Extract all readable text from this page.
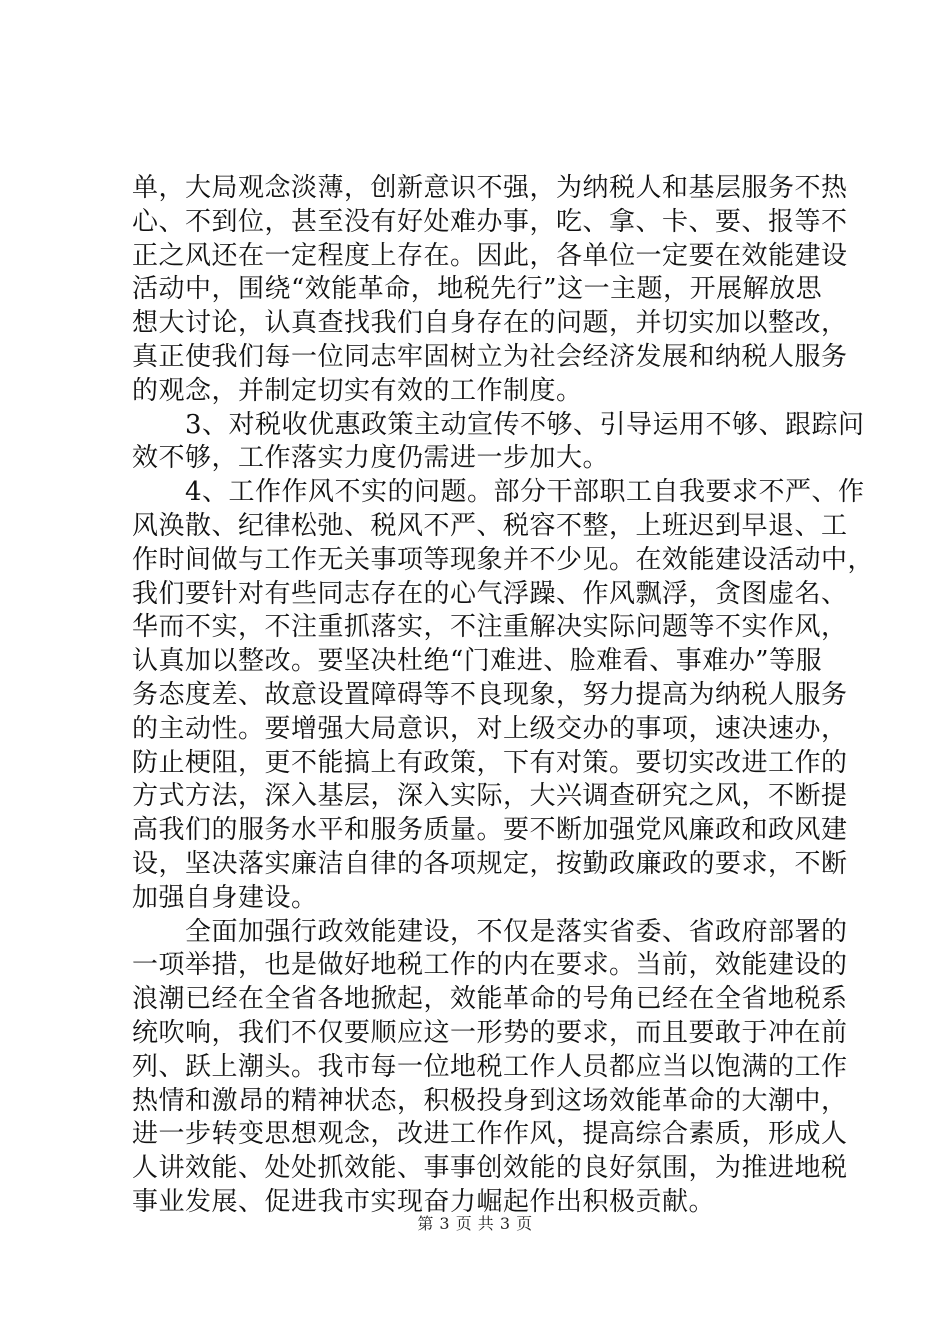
单，大局观念淡薄，创新意识不强，为纳税人和基层服务不热
心、不到位，甚至没有好处难办事，吃、拿、卡、要、报等不
正之风还在一定程度上存在。因此，各单位一定要在效能建设
活动中，围绕“效能革命，地税先行”这一主题，开展解放思
想大讨论，认真查找我们自身存在的问题，并切实加以整改，
真正使我们每一位同志牢固树立为社会经济发展和纳税人服务
的观念，并制定切实有效的工作制度。
　　3、对税收优惠政策主动宣传不够、引导运用不够、跟踪问
效不够，工作落实力度仍需进一步加大。
　　4、工作作风不实的问题。部分干部职工自我要求不严、作
风涣散、纪律松弛、税风不严、税容不整，上班迟到早退、工
作时间做与工作无关事项等现象并不少见。在效能建设活动中，
我们要针对有些同志存在的心气浮躁、作风飘浮，贪图虚名、
华而不实，不注重抓落实，不注重解决实际问题等不实作风，
认真加以整改。要坚决杜绝“门难进、脸难看、事难办”等服
务态度差、故意设置障碍等不良现象，努力提高为纳税人服务
的主动性。要增强大局意识，对上级交办的事项，速决速办，
防止梗阻，更不能搞上有政策，下有对策。要切实改进工作的
方式方法，深入基层，深入实际，大兴调查研究之风，不断提
高我们的服务水平和服务质量。要不断加强党风廉政和政风建
设，坚决落实廉洁自律的各项规定，按勤政廉政的要求，不断
加强自身建设。
　　全面加强行政效能建设，不仅是落实省委、省政府部署的
一项举措，也是做好地税工作的内在要求。当前，效能建设的
浪潮已经在全省各地掀起，效能革命的号角已经在全省地税系
统吹响，我们不仅要顺应这一形势的要求，而且要敢于冲在前
列、跃上潮头。我市每一位地税工作人员都应当以饱满的工作
热情和激昂的精神状态，积极投身到这场效能革命的大潮中，
进一步转变思想观念，改进工作作风，提高综合素质，形成人
人讲效能、处处抓效能、事事创效能的良好氛围，为推进地税
事业发展、促进我市实现奋力崛起作出积极贡献。
第 3 页 共 3 页
